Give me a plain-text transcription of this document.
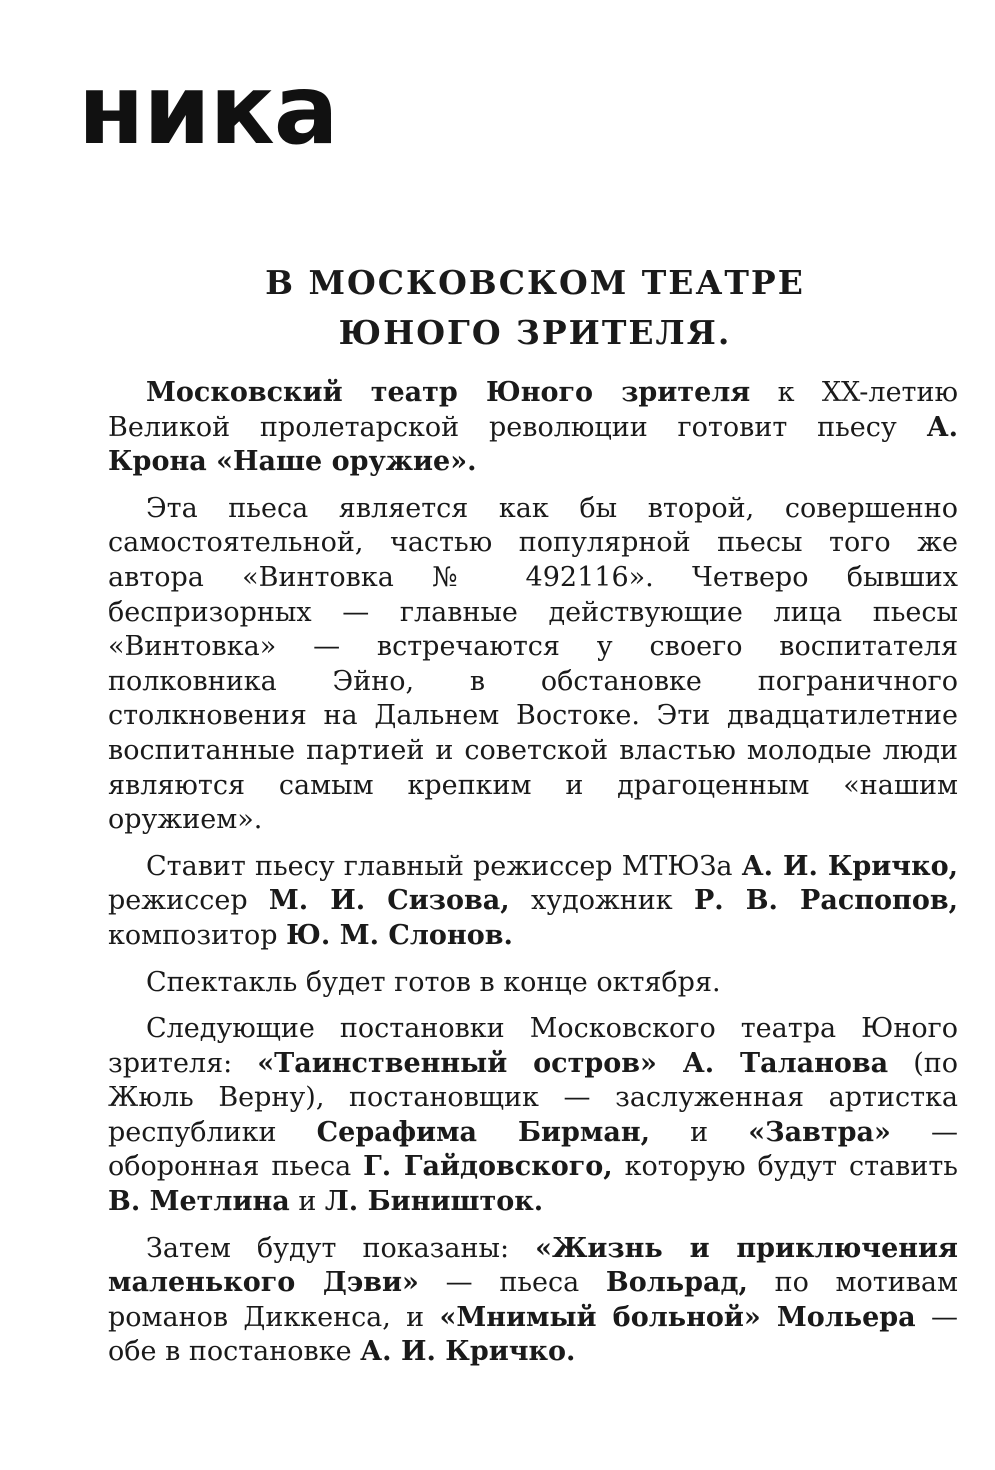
ника
В МОСКОВСКОМ ТЕАТРЕ
ЮНОГО ЗРИТЕЛЯ.

Московский театр Юного зрителя к XX-летию Великой пролетарской революции готовит пьесу А. Крона «Наше оружие».

Эта пьеса является как бы второй, совершенно самостоятельной, частью популярной пьесы того же автора «Винтовка № 492116». Четверо бывших беспризорных — главные действующие лица пьесы «Винтовка» — встречаются у своего воспитателя полковника Эйно, в обстановке пограничного столкновения на Дальнем Востоке. Эти двадцатилетние воспитанные партией и советской властью молодые люди являются самым крепким и драгоценным «нашим оружием».

Ставит пьесу главный режиссер МТЮЗа А. И. Кричко, режиссер М. И. Сизова, художник Р. В. Распопов, композитор Ю. М. Слонов.

Спектакль будет готов в конце октября.

Следующие постановки Московского театра Юного зрителя: «Таинственный остров» А. Таланова (по Жюль Верну), постановщик — заслуженная артистка республики Серафима Бирман, и «Завтра» — оборонная пьеса Г. Гайдовского, которую будут ставить В. Метлина и Л. Биништок.

Затем будут показаны: «Жизнь и приключения маленького Дэви» — пьеса Вольрад, по мотивам романов Диккенса, и «Мнимый больной» Мольера — обе в постановке А. И. Кричко.
